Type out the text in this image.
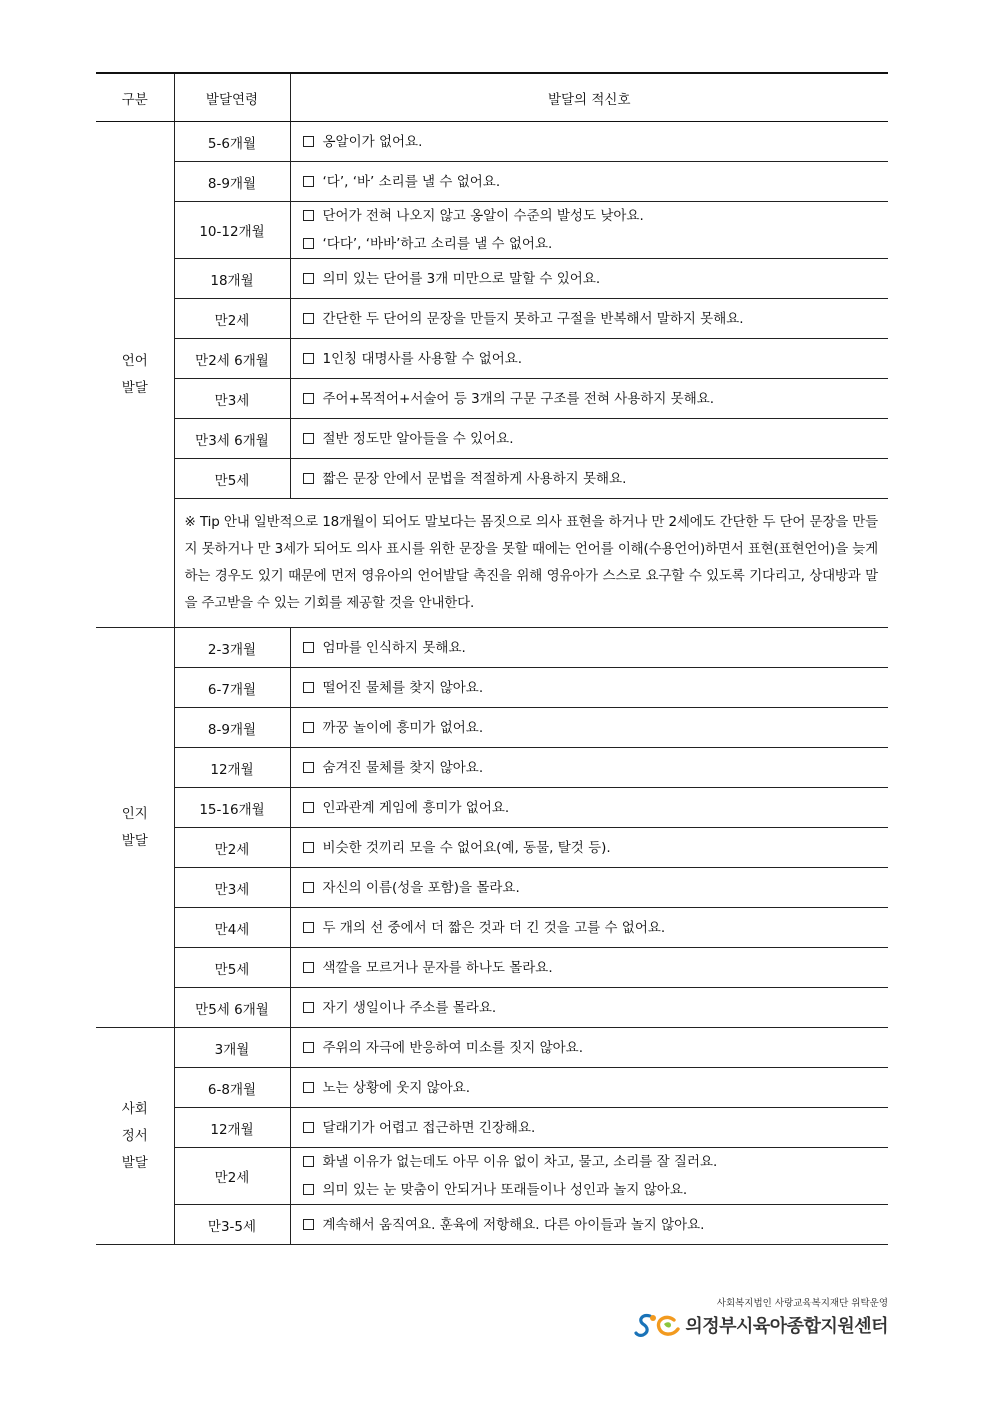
구분	발달연령	발달의 적신호

언어
발달	5-6개월	옹알이가 없어요.

	8-9개월	‘다’, ‘바’ 소리를 낼 수 없어요.

	10-12개월	단어가 전혀 나오지 않고 옹알이 수준의 발성도 낮아요.
‘다다’, ‘바바’하고 소리를 낼 수 없어요.

	18개월	의미 있는 단어를 3개 미만으로 말할 수 있어요.

	만2세	간단한 두 단어의 문장을 만들지 못하고 구절을 반복해서 말하지 못해요.

	만2세 6개월	1인칭 대명사를 사용할 수 없어요.

	만3세	주어+목적어+서술어 등 3개의 구문 구조를 전혀 사용하지 못해요.

	만3세 6개월	절반 정도만 알아들을 수 있어요.

	만5세	짧은 문장 안에서 문법을 적절하게 사용하지 못해요.

	※ Tip 안내 일반적으로 18개월이 되어도 말보다는 몸짓으로 의사 표현을 하거나 만 2세에도 간단한 두 단어 문장을 만들지 못하거나 만 3세가 되어도 의사 표시를 위한 문장을 못할 때에는 언어를 이해(수용언어)하면서 표현(표현언어)을 늦게 하는 경우도 있기 때문에 먼저 영유아의 언어발달 촉진을 위해 영유아가 스스로 요구할 수 있도록 기다리고, 상대방과 말을 주고받을 수 있는 기회를 제공할 것을 안내한다.	

인지
발달	2-3개월	엄마를 인식하지 못해요.

	6-7개월	떨어진 물체를 찾지 않아요.

	8-9개월	까꿍 놀이에 흥미가 없어요.

	12개월	숨겨진 물체를 찾지 않아요.

	15-16개월	인과관계 게임에 흥미가 없어요.

	만2세	비슷한 것끼리 모을 수 없어요(예, 동물, 탈것 등).

	만3세	자신의 이름(성을 포함)을 몰라요.

	만4세	두 개의 선 중에서 더 짧은 것과 더 긴 것을 고를 수 없어요.

	만5세	색깔을 모르거나 문자를 하나도 몰라요.

	만5세 6개월	자기 생일이나 주소를 몰라요.

사회
정서
발달	3개월	주위의 자극에 반응하여 미소를 짓지 않아요.

	6-8개월	노는 상황에 웃지 않아요.

	12개월	달래기가 어렵고 접근하면 긴장해요.

	만2세	화낼 이유가 없는데도 아무 이유 없이 차고, 물고, 소리를 잘 질러요.
의미 있는 눈 맞춤이 안되거나 또래들이나 성인과 놀지 않아요.

	만3-5세	계속해서 움직여요. 훈육에 저항해요. 다른 아이들과 놀지 않아요.
사회복지법인 사랑교육복지재단 위탁운영
의정부시육아종합지원센터
